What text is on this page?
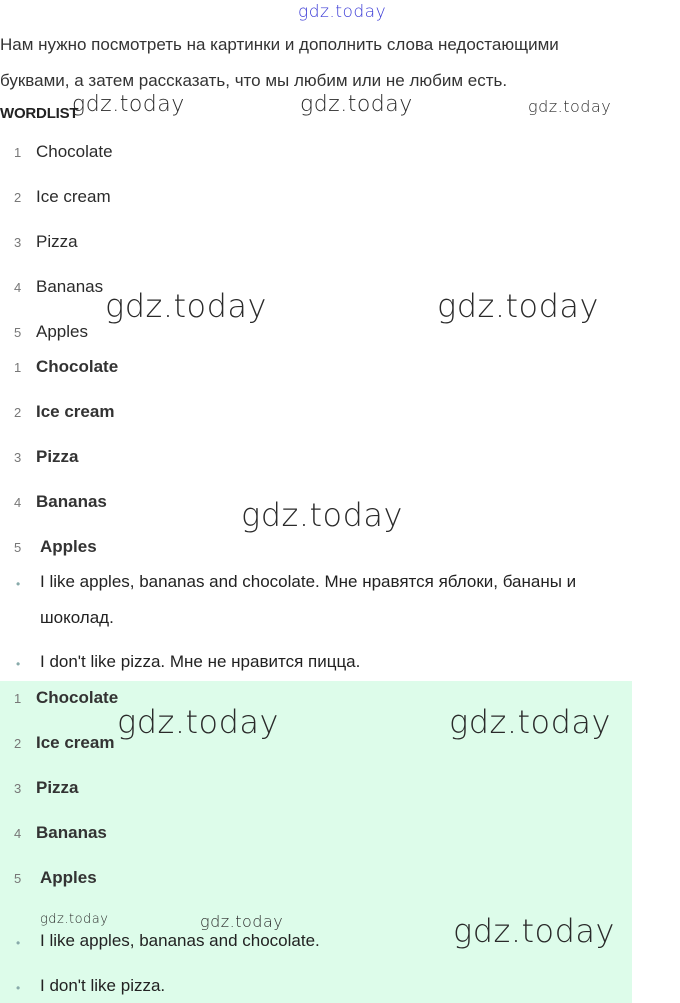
gdz.today
gdz.today	gdz.today	gdz.today
gdz.today	gdz.today
gdz.today
gdz.today	gdz.today
gdz.today	gdz.today	gdz.today
Нам нужно посмотреть на картинки и дополнить слова недостающими
буквами, а затем рассказать, что мы любим или не любим есть.
WORDLIST
1 Chocolate
2 Ice cream
3 Pizza
4 Bananas
5 Apples
1 Chocolate
2 Ice cream
3 Pizza
4 Bananas
5 Apples
• I like apples, bananas and chocolate. Мне нравятся яблоки, бананы и
шоколад.
• I don't like pizza. Мне не нравится пицца.
1 Chocolate
2 Ice cream
3 Pizza
4 Bananas
5 Apples
• I like apples, bananas and chocolate.
• I don't like pizza.
